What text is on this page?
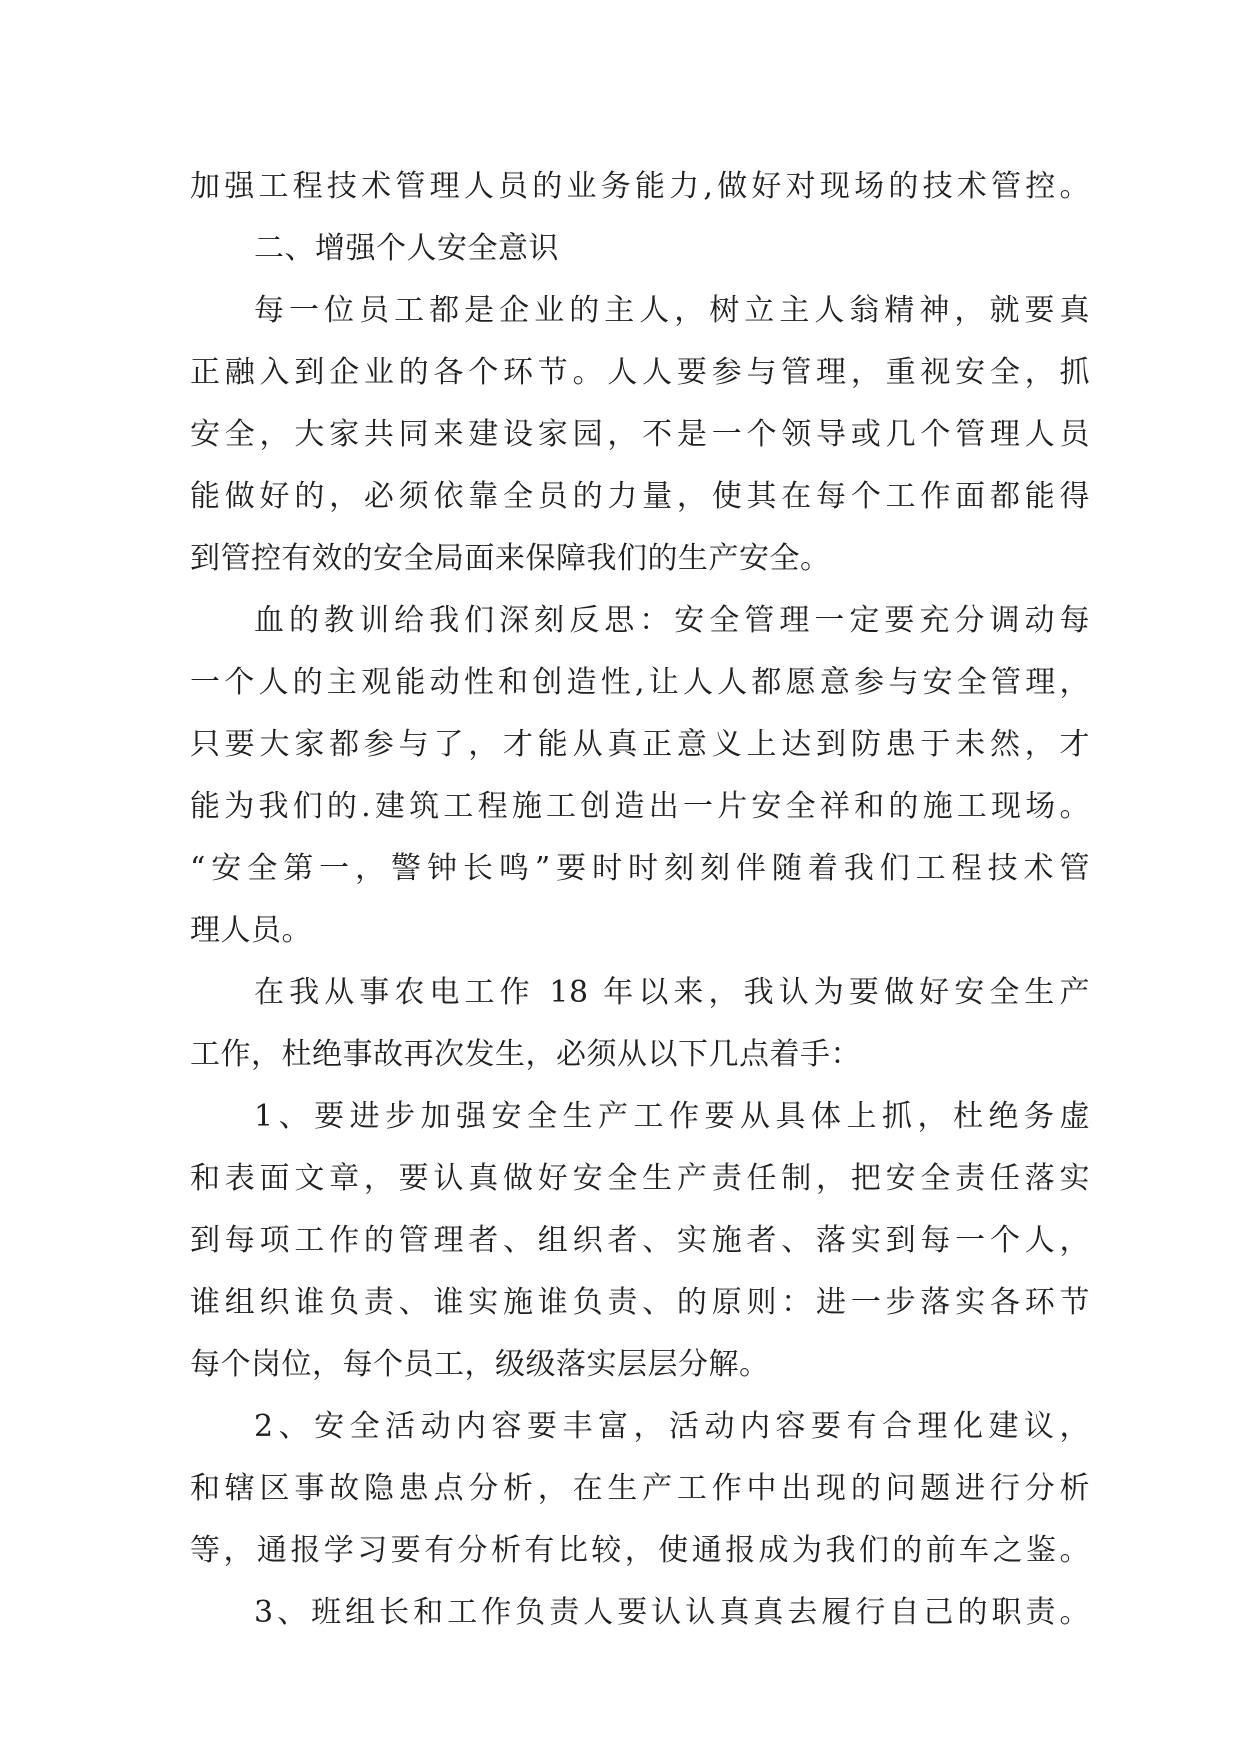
加强工程技术管理人员的业务能力,做好对现场的技术管控。
二、增强个人安全意识
每一位员工都是企业的主人，树立主人翁精神，就要真
正融入到企业的各个环节。人人要参与管理，重视安全，抓
安全，大家共同来建设家园，不是一个领导或几个管理人员
能做好的，必须依靠全员的力量，使其在每个工作面都能得
到管控有效的安全局面来保障我们的生产安全。
血的教训给我们深刻反思：安全管理一定要充分调动每
一个人的主观能动性和创造性,让人人都愿意参与安全管理，
只要大家都参与了，才能从真正意义上达到防患于未然，才
能为我们的.建筑工程施工创造出一片安全祥和的施工现场。
“安全第一，警钟长鸣”要时时刻刻伴随着我们工程技术管
理人员。
在我从事农电工作 18 年以来，我认为要做好安全生产
工作，杜绝事故再次发生，必须从以下几点着手：
1、要进步加强安全生产工作要从具体上抓，杜绝务虚
和表面文章，要认真做好安全生产责任制，把安全责任落实
到每项工作的管理者、组织者、实施者、落实到每一个人，
谁组织谁负责、谁实施谁负责、的原则：进一步落实各环节
每个岗位，每个员工，级级落实层层分解。
2、安全活动内容要丰富，活动内容要有合理化建议，
和辖区事故隐患点分析，在生产工作中出现的问题进行分析
等，通报学习要有分析有比较，使通报成为我们的前车之鉴。
3、班组长和工作负责人要认认真真去履行自己的职责。
